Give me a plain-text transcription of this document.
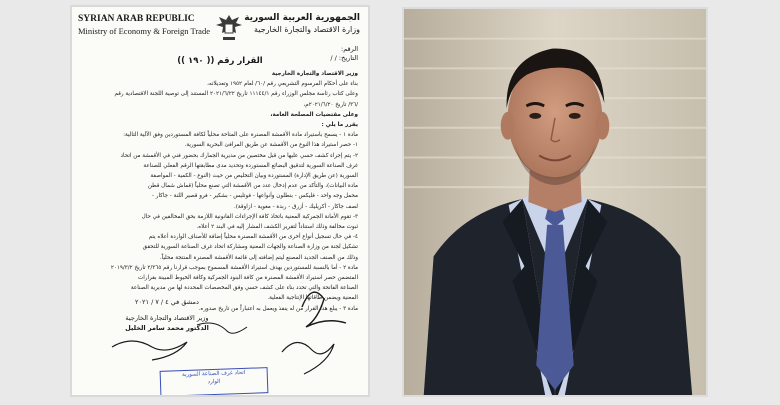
SYRIAN ARAB REPUBLIC
Ministry of Economy & Foreign Trade
الجمهورية العربية السورية
وزارة الاقتصاد والتجارة الخارجية
الرقم:
التاريخ: / /
القرار رقم (( ١٩٠ ))
وزير الاقتصاد والتجارة الخارجية
بناء على أحكام المرسوم التشريعي رقم /٦٠/ لعام ١٩٥٢ وتعديلاته،
وعلى كتاب رئاسة مجلس الوزراء رقم ١١١٤٤/١ تاريخ ٢٠٢١/٦/٢٢ المستند إلى توصية اللجنة الاقتصادية رقم
/٣٦/ تاريخ ٢٠٢١/٦/٢٠م،
وعلى مقتضيات المصلحة العامة،
يقرر ما يلي :
مادة ١ - يسمح باستيراد مادة الأقمشة المصنرة على المتاحة محلياً لكافة المستوردين وفق الآلية التالية:
١- حصر استيراد هذا النوع من الأقمشة عن طريق المرافئ البحرية السورية.
٢- يتم إجراء كشف حسي عليها من قبل مختصين من مديرية الجمارك بحضور فني في الأقمشة من اتحاد
غرف الصناعة السورية لتدقيق البضائع المستوردة وتحديد مدى مطابقتها الرقم الفعلي للصناعة
السورية (عن طريق الإدارة) المستوردة وبيان التخليص من حيث (النوع - الكمية - المواصفة
مادة البيانات)، والتأكد من عدم إدخال عدد من الأقمشة التي تصنع محلياً (قماش شمال قطن
محمل وجه واحد - فليكس - بنطلون وأنواعها - فوتليس - بشكير - فرو قصير اللنة - جاكار -
لصف جاكار - أكريليك - أزرق - ربدة - مغوية - ازاوقة).
٣- تقوم الأمانة الجمركية المعنية باتخاذ كافة الإجراءات القانونية اللازمة بحق المخالفين في حال
ثبوت مخالفة وذلك استناداً لتقرير الكشف المشار إليه في البند ٢ أعلاه.
٤- في حال تسجيل أنواع أخرى من الأقمشة المصنرة محلياً إضافة للأصناف الواردة أعلاه يتم
تشكيل لجنة من وزارة الصناعة والجهات المعنية ومشاركة اتحاد غرف الصناعة السورية للتحقق
وذلك من الصنف الجديد المصنع ليتم إضافته إلى قائمة الأقمشة المصنرة المنتجة محلياً.
مادة ٢ - أما بالنسبة للمستوردين بهدف استيراد الأقمشة المسموح بموجب قرارنا رقم ٢/٣٦٥ تاريخ ٢٠١٩/٣/٢
المتضمن حصر استيراد الأقمشة المصنرة من كافة البنود الجمركية وكافة الخيوط المبينة بقرارات
الصناعة الفاتحة والتي تحدد بناء على كشف حسي وفق المخصصات المحددة لها من مديرية الصناعة
المعنية ويضمن طاقاتها الإنتاجية الفعلية.
مادة ٣ - يبلغ هذا القرار من له ينفذ ويعمل به اعتباراً من تاريخ صدوره.
دمشق في ٤ / ٧ / ٢٠٢١
وزير الاقتصاد والتجارة الخارجية
الدكتور محمد سامر الخليل
اتحاد غرف الصناعة السورية
الوارد
